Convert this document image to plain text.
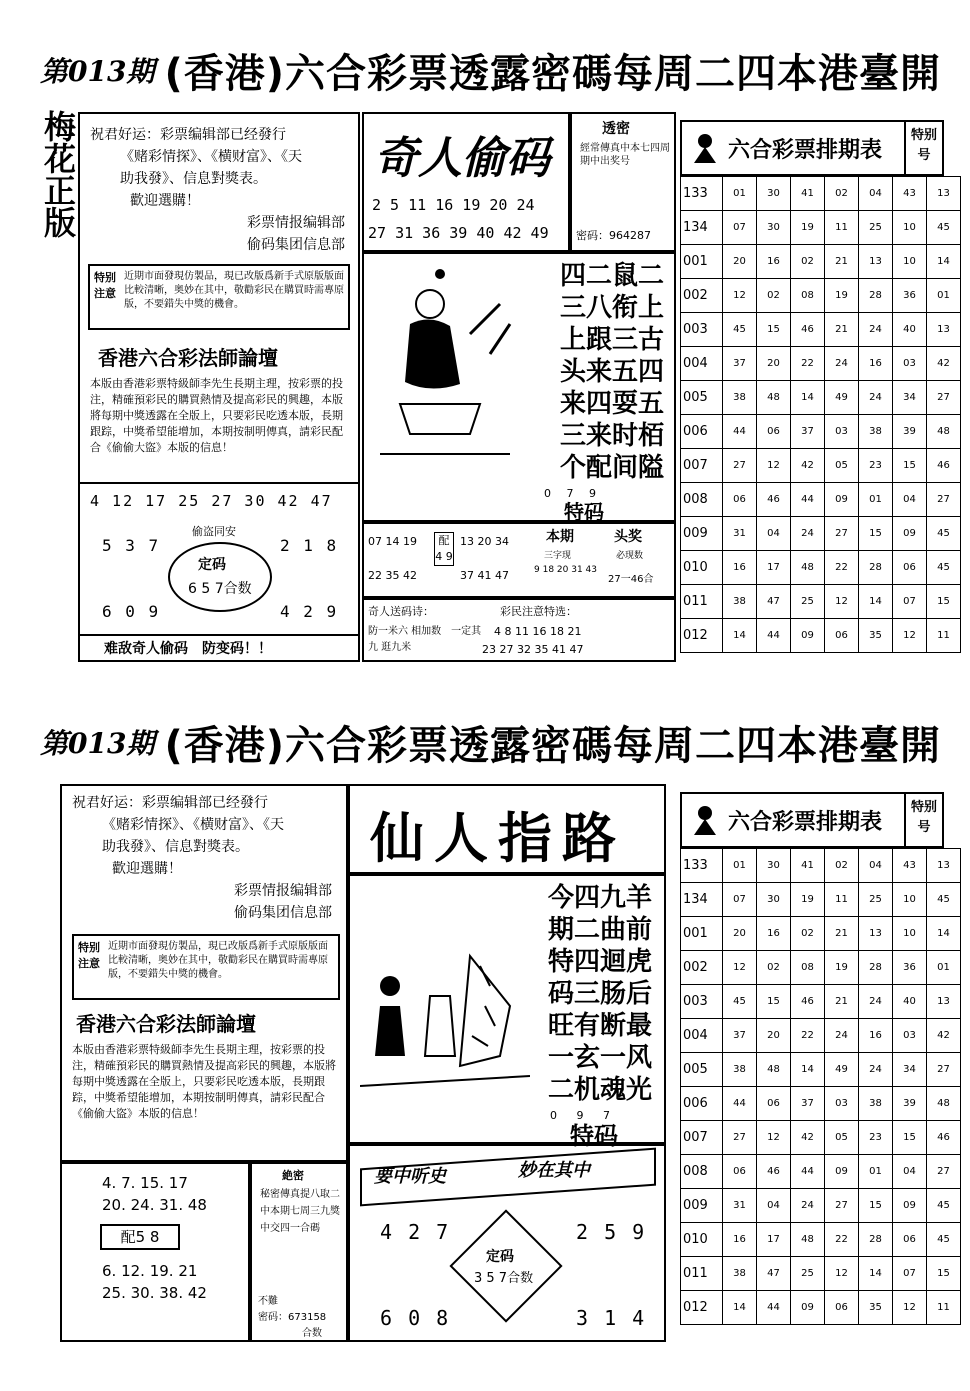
第013期 (香港)六合彩票透露密碼每周二四本港臺開
梅花正版 祝君好运：彩票编辑部已经發行
《赌彩情探》、《横财富》、《天
助我發》、信息對獎表。
歡迎選購！
彩票情报编辑部
偷码集团信息部
特别注意
近期市面發現仿製品，現已改版爲新手式原版版面比較清晰，奥妙在其中，敬勸彩民在購買時需專原版，不要錯失中獎的機會。
香港六合彩法師論壇
本版由香港彩票特級師李先生長期主理，按彩票的投注，精確預彩民的購買熱情及提高彩民的興趣，本版將每期中獎透露在全版上，只要彩民吃透本版，長期跟踪，中獎希望能增加，本期按制明傳真，請彩民配合《偷偷大盜》本版的信息！
4 12 17 25 27 30 42 47
5 3 7	2 1 8
6 0 9	4 2 9
偷盗同安
定码
6 5 7合数
难敌奇人偷码　防变码！！
奇人偷码
2 5 11 16 19 20 24
27 31 36 39 40 42 49
透密
經常傳真中本七四周期中出奖号
密码：964287
四二鼠二
三八衔上
上跟三古
头来五四
来四耍五
三来时栢
个配间隘
0 7 9
特码
07 14 19
22 35 42
配
4 9
13 20 34
37 41 47
本期
三字现
9 18 20 31 43
头奖
必现数
27一46合
奇人送码诗：
防一米六 相加数　一定其九 逛九米
彩民注意特选：
4 8 11 16 18 21
23 27 32 35 41 47
六合彩票排期表
特别号
133	01	30	41	02	04	43	13
134	07	30	19	11	25	10	45
001	20	16	02	21	13	10	14
002	12	02	08	19	28	36	01
003	45	15	46	21	24	40	13
004	37	20	22	24	16	03	42
005	38	48	14	49	24	34	27
006	44	06	37	03	38	39	48
007	27	12	42	05	23	15	46
008	06	46	44	09	01	04	27
009	31	04	24	27	15	09	45
010	16	17	48	22	28	06	45
011	38	47	25	12	14	07	15
012	14	44	09	06	35	12	11
第013期 (香港)六合彩票透露密碼每周二四本港臺開
祝君好运：彩票编辑部已经發行
《赌彩情探》、《横财富》、《天
助我發》、信息對獎表。
歡迎選購！
彩票情报编辑部
偷码集团信息部
特别注意
近期市面發現仿製品，現已改版爲新手式原版版面比較清晰，奥妙在其中，敬勸彩民在購買時需專原版，不要錯失中獎的機會。
香港六合彩法師論壇
本版由香港彩票特級師李先生長期主理，按彩票的投注，精確預彩民的購買熱情及提高彩民的興趣，本版將每期中獎透露在全版上，只要彩民吃透本版，長期跟踪，中獎希望能增加，本期按制明傳真，請彩民配合《偷偷大盜》本版的信息！
4. 7. 15. 17
20. 24. 31. 48
配5 8
6. 12. 19. 21
25. 30. 38. 42
絶密
秘密傳真提八取二中本期七周三九獎中交四一合碼
不難
密码：673158
合数
仙人指路
今四九羊
期二曲前
特四迴虎
码三肠后
旺有断最
一玄一风
二机魂光
0 9 7
特码
要中听史	妙在其中
4 2 7	2 5 9
6 0 8	3 1 4
定码
3 5 7合数
六合彩票排期表
特别号
133	01	30	41	02	04	43	13
134	07	30	19	11	25	10	45
001	20	16	02	21	13	10	14
002	12	02	08	19	28	36	01
003	45	15	46	21	24	40	13
004	37	20	22	24	16	03	42
005	38	48	14	49	24	34	27
006	44	06	37	03	38	39	48
007	27	12	42	05	23	15	46
008	06	46	44	09	01	04	27
009	31	04	24	27	15	09	45
010	16	17	48	22	28	06	45
011	38	47	25	12	14	07	15
012	14	44	09	06	35	12	11
